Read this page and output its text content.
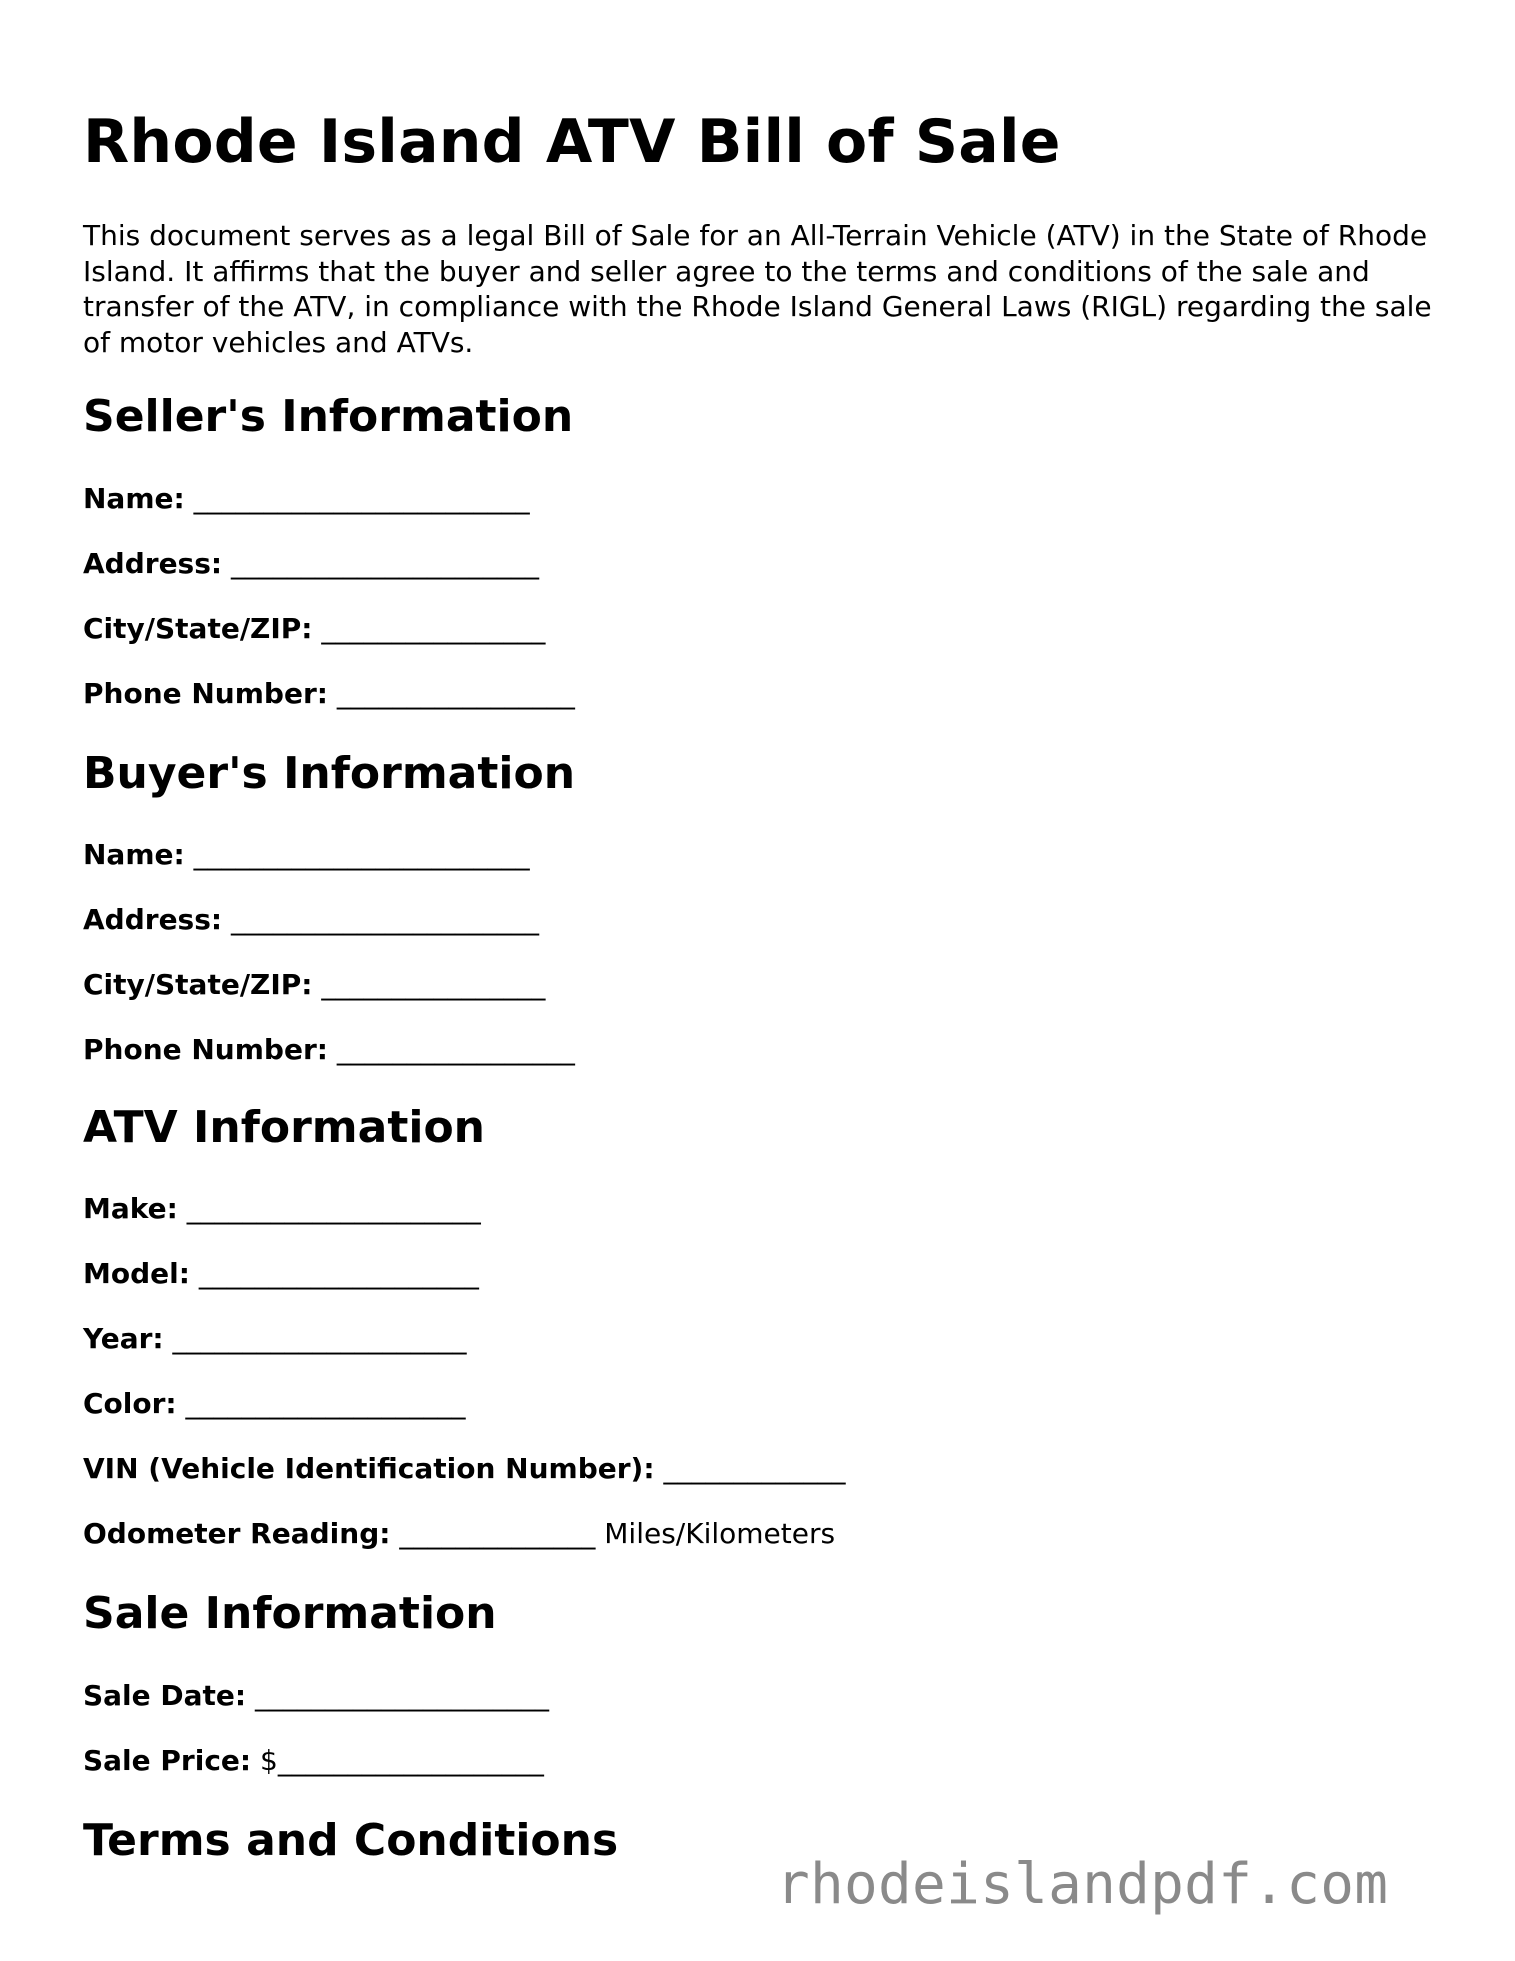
Rhode Island ATV Bill of Sale

This document serves as a legal Bill of Sale for an All-Terrain Vehicle (ATV) in the State of Rhode Island. It affirms that the buyer and seller agree to the terms and conditions of the sale and transfer of the ATV, in compliance with the Rhode Island General Laws (RIGL) regarding the sale of motor vehicles and ATVs.

Seller's Information
Name: ________________________
Address: ______________________
City/State/ZIP: ________________
Phone Number: _________________
Buyer's Information
Name: ________________________
Address: ______________________
City/State/ZIP: ________________
Phone Number: _________________
ATV Information
Make: _____________________
Model: ____________________
Year: _____________________
Color: ____________________
VIN (Vehicle Identification Number): _____________
Odometer Reading: ______________ Miles/Kilometers
Sale Information
Sale Date: _____________________
Sale Price: $___________________
Terms and Conditions
rhodeislandpdf.com
